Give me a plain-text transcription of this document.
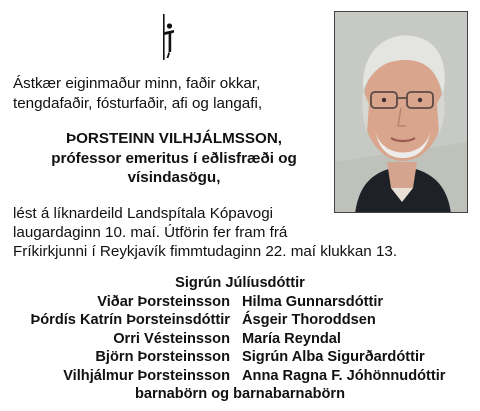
Ástkær eiginmaður minn, faðir okkar,
tengdafaðir, fósturfaðir, afi og langafi,
ÞORSTEINN VILHJÁLMSSON,
prófessor emeritus í eðlisfræði og
vísindasögu,
lést á líknardeild Landspítala Kópavogi
laugardaginn 10. maí. Útförin fer fram frá
Fríkirkjunni í Reykjavík fimmtudaginn 22. maí klukkan 13.
Sigrún Júlíusdóttir
Viðar Þorsteinsson Hilma Gunnarsdóttir
Þórdís Katrín Þorsteinsdóttir Ásgeir Thoroddsen
Orri Vésteinsson María Reyndal
Björn Þorsteinsson Sigrún Alba Sigurðardóttir
Vilhjálmur Þorsteinsson Anna Ragna F. Jóhönnudóttir
barnabörn og barnabarnabörn
